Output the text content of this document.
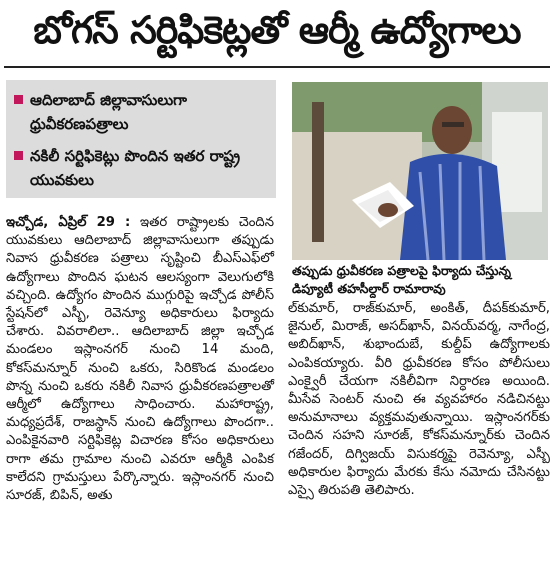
బోగస్ సర్టిఫికెట్లతో ఆర్మీ ఉద్యోగాలు
ఆదిలాబాద్ జిల్లావాసులుగా ధ్రువీకరణపత్రాలు
నకిలీ సర్టిఫికెట్లు పొందిన ఇతర రాష్ట్ర యువకులు
తప్పుడు ధ్రువీకరణ పత్రాలపై ఫిర్యాదు చేస్తున్న డిప్యూటీ తహసీల్దార్ రామారావు

ఇచ్చోడ, ఏప్రిల్ 29 : ఇతర రాష్ట్రాలకు చెందిన యువకులు ఆదిలాబాద్ జిల్లావాసులుగా తప్పుడు నివాస ధ్రువీకరణ పత్రాలు సృష్టించి బీఎస్ఎఫ్‌లో ఉద్యోగాలు పొందిన ఘటన ఆలస్యంగా వెలుగులోకి వచ్చింది. ఉద్యోగం పొందిన ముగ్గురిపై ఇచ్చోడ పోలీస్ స్టేషన్‌లో ఎస్బీ, రెవెన్యూ అధికారులు ఫిర్యాదు చేశారు. వివరాలిలా.. ఆదిలాబాద్ జిల్లా ఇచ్చోడ మండలం ఇస్లాంనగర్ నుంచి 14 మంది, కోకస్‌మన్నూర్ నుంచి ఒకరు, సిరికొండ మండలం పొన్న నుంచి ఒకరు నకిలీ నివాస ధ్రువీకరణపత్రాలతో ఆర్మీలో ఉద్యోగాలు సాధించారు. మహారాష్ట్ర, మధ్యప్రదేశ్, రాజస్థాన్ నుంచి ఉద్యోగాలు పొందగా.. ఎంపికైనవారి సర్టిఫికెట్ల విచారణ కోసం అధికారులు రాగా తమ గ్రామాల నుంచి ఎవరూ ఆర్మీకి ఎంపిక కాలేదని గ్రామస్తులు పేర్కొన్నారు. ఇస్లాంనగర్ నుంచి సూరజ్, బిపిన్, అతు

ల్‌కుమార్, రాజ్‌కుమార్, అంకిత్, దీపక్‌కుమార్, జైనుల్, మిరాజ్, అసద్‌ఖాన్, వినయ్‌వర్మ, నాగేంద్ర, అబిద్‌ఖాన్, శుభాందుబే, కుల్దీప్ ఉద్యోగాలకు ఎంపికయ్యారు. వీరి ధ్రువీకరణ కోసం పోలీసులు ఎంక్వైరీ చేయగా నకిలీవిగా నిర్ధారణ అయింది. మీసేవ సెంటర్ నుంచి ఈ వ్యవహారం నడిచినట్టు అనుమానాలు వ్యక్తమవుతున్నాయి. ఇస్లాంనగర్‌కు చెందిన సహని సూరజ్, కోకస్‌మన్నూర్‌కు చెందిన గజేందర్, దిగ్విజయ్ విసుకర్మపై రెవెన్యూ, ఎస్బీ అధికారుల ఫిర్యాదు మేరకు కేసు నమోదు చేసినట్టు ఎస్సై తిరుపతి తెలిపారు.
